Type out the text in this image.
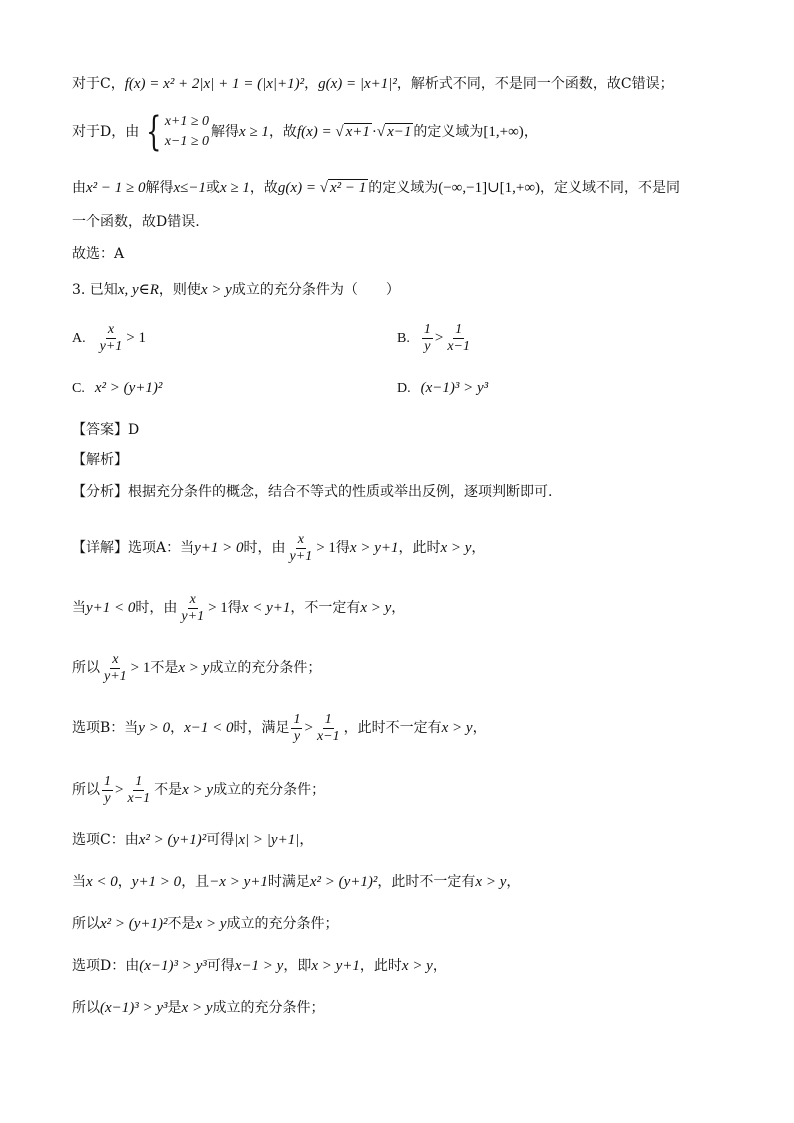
对于C， f(x) = x² + 2|x| + 1 = (|x|+1)² ， g(x) = |x+1|² ，解析式不同，不是同一个函数，故C错误；
对于D，由 { x+1 ≥ 0
x−1 ≥ 0
解得 x ≥ 1 ，故 f(x) = √ x+1 · √ x−1 的定义域为 [1,+∞) ，
由 x² − 1 ≥ 0 解得 x≤−1 或 x ≥ 1 ，故 g(x) = √ x² − 1 的定义域为 (−∞,−1]∪[1,+∞) ，定义域不同，不是同
一个函数，故D错误.
故选：A
3. 已知 x, y∈R ，则使 x > y 成立的充分条件为（　　）
A. $\frac{x}{y+1} > 1$	B. $\frac{1}{y} > \frac{1}{x-1}$
C. x² > (y+1)²	D. (x−1)³ > y³
【答案】D
【解析】
【分析】根据充分条件的概念，结合不等式的性质或举出反例，逐项判断即可.
【详解】选项A：当 y+1 > 0 时，由 $\frac{x}{y+1} > 1$ 得 x > y+1 ，此时 x > y ，
当 y+1 < 0 时，由 $\frac{x}{y+1} > 1$ 得 x < y+1 ，不一定有 x > y ，
所以 $\frac{x}{y+1} > 1$ 不是 x > y 成立的充分条件；
选项B：当 y > 0 ， x−1 < 0 时，满足 $\frac{1}{y} > \frac{1}{x-1}$ ，此时不一定有 x > y ，
所以 $\frac{1}{y} > \frac{1}{x-1}$ 不是 x > y 成立的充分条件；
选项C：由 x² > (y+1)² 可得 |x| > |y+1| ，
当 x < 0 ， y+1 > 0 ，且 −x > y+1 时满足 x² > (y+1)² ，此时不一定有 x > y ，
所以 x² > (y+1)² 不是 x > y 成立的充分条件；
选项D：由 (x−1)³ > y³ 可得 x−1 > y ，即 x > y+1 ，此时 x > y ，
所以 (x−1)³ > y³ 是 x > y 成立的充分条件；
